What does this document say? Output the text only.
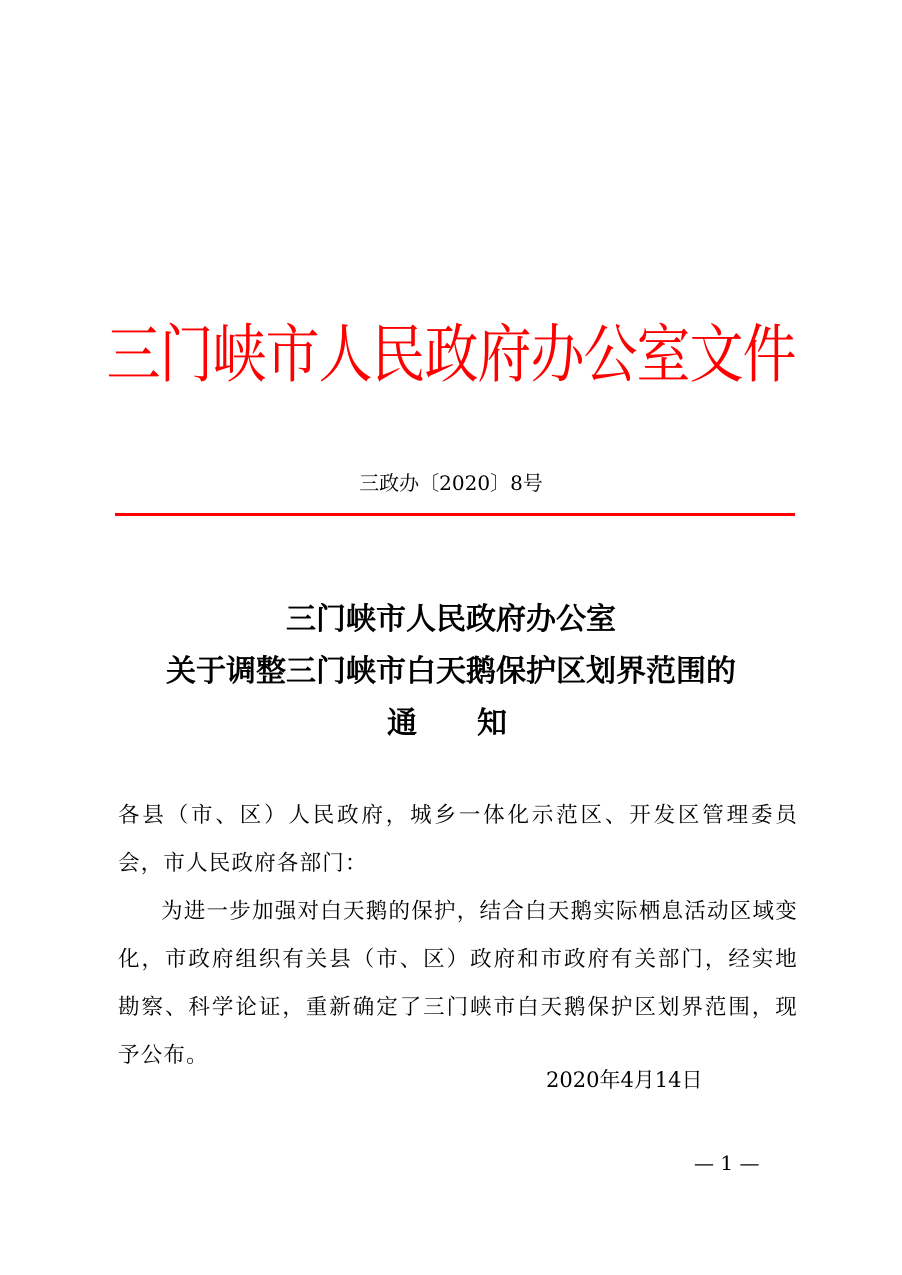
三门峡市人民政府办公室文件
三政办〔2020〕8号
三门峡市人民政府办公室
关于调整三门峡市白天鹅保护区划界范围的
通知

各县（市、区）人民政府，城乡一体化示范区、开发区管理委员会，市人民政府各部门：

为进一步加强对白天鹅的保护，结合白天鹅实际栖息活动区域变化，市政府组织有关县（市、区）政府和市政府有关部门，经实地勘察、科学论证，重新确定了三门峡市白天鹅保护区划界范围，现予公布。

2020年4月14日
— 1 —
